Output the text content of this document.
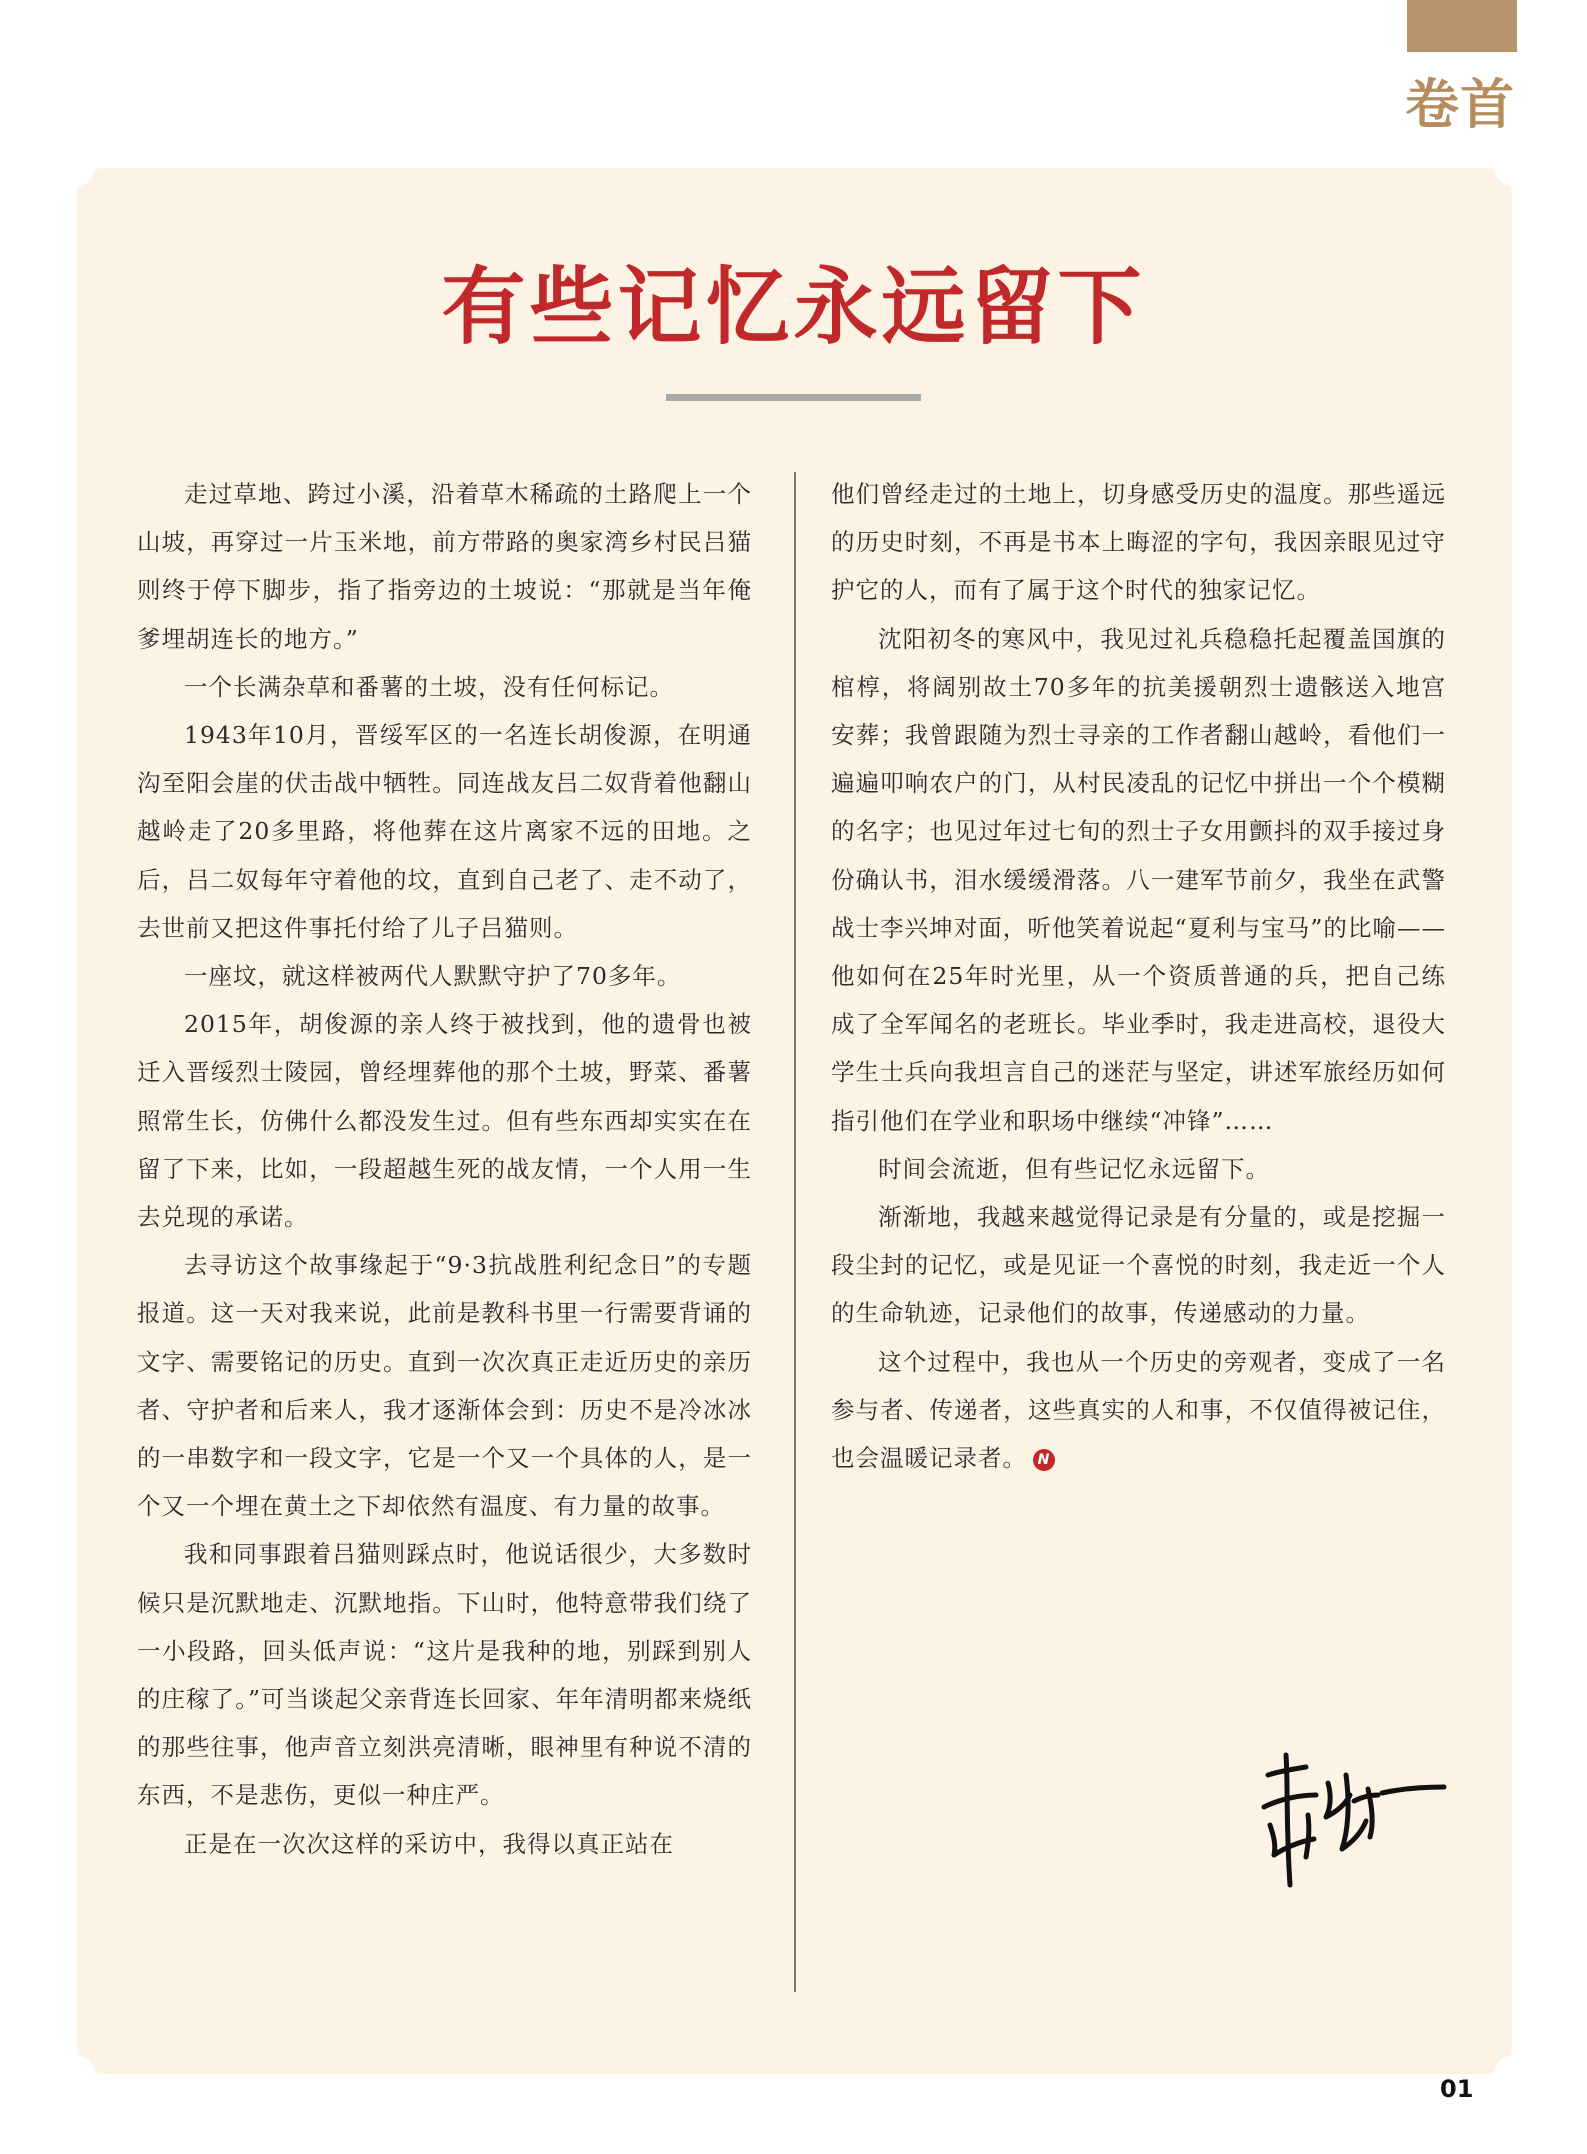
卷首
有些记忆永远留下

走过草地、跨过小溪，沿着草木稀疏的土路爬上一个山坡，再穿过一片玉米地，前方带路的奥家湾乡村民吕猫则终于停下脚步，指了指旁边的土坡说：“那就是当年俺爹埋胡连长的地方。”

一个长满杂草和番薯的土坡，没有任何标记。

1943年10月，晋绥军区的一名连长胡俊源，在明通沟至阳会崖的伏击战中牺牲。同连战友吕二奴背着他翻山越岭走了20多里路，将他葬在这片离家不远的田地。之后，吕二奴每年守着他的坟，直到自己老了、走不动了，去世前又把这件事托付给了儿子吕猫则。

一座坟，就这样被两代人默默守护了70多年。

2015年，胡俊源的亲人终于被找到，他的遗骨也被迁入晋绥烈士陵园，曾经埋葬他的那个土坡，野菜、番薯照常生长，仿佛什么都没发生过。但有些东西却实实在在留了下来，比如，一段超越生死的战友情，一个人用一生去兑现的承诺。

去寻访这个故事缘起于“9·3抗战胜利纪念日”的专题报道。这一天对我来说，此前是教科书里一行需要背诵的文字、需要铭记的历史。直到一次次真正走近历史的亲历者、守护者和后来人，我才逐渐体会到：历史不是冷冰冰的一串数字和一段文字，它是一个又一个具体的人，是一个又一个埋在黄土之下却依然有温度、有力量的故事。

我和同事跟着吕猫则踩点时，他说话很少，大多数时候只是沉默地走、沉默地指。下山时，他特意带我们绕了一小段路，回头低声说：“这片是我种的地，别踩到别人的庄稼了。”可当谈起父亲背连长回家、年年清明都来烧纸的那些往事，他声音立刻洪亮清晰，眼神里有种说不清的东西，不是悲伤，更似一种庄严。

正是在一次次这样的采访中，我得以真正站在

他们曾经走过的土地上，切身感受历史的温度。那些遥远的历史时刻，不再是书本上晦涩的字句，我因亲眼见过守护它的人，而有了属于这个时代的独家记忆。

沈阳初冬的寒风中，我见过礼兵稳稳托起覆盖国旗的棺椁，将阔别故土70多年的抗美援朝烈士遗骸送入地宫安葬；我曾跟随为烈士寻亲的工作者翻山越岭，看他们一遍遍叩响农户的门，从村民凌乱的记忆中拼出一个个模糊的名字；也见过年过七旬的烈士子女用颤抖的双手接过身份确认书，泪水缓缓滑落。八一建军节前夕，我坐在武警战士李兴坤对面，听他笑着说起“夏利与宝马”的比喻——他如何在25年时光里，从一个资质普通的兵，把自己练成了全军闻名的老班长。毕业季时，我走进高校，退役大学生士兵向我坦言自己的迷茫与坚定，讲述军旅经历如何指引他们在学业和职场中继续“冲锋”……

时间会流逝，但有些记忆永远留下。

渐渐地，我越来越觉得记录是有分量的，或是挖掘一段尘封的记忆，或是见证一个喜悦的时刻，我走近一个人的生命轨迹，记录他们的故事，传递感动的力量。

这个过程中，我也从一个历史的旁观者，变成了一名参与者、传递者，这些真实的人和事，不仅值得被记住，也会温暖记录者。 N

01
